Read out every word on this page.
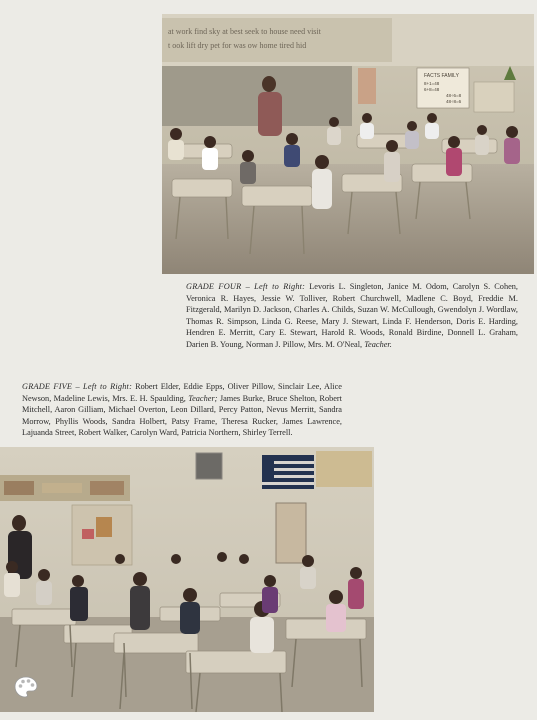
at work find sky at best seek to house need visit
t ook lift dry pet for was ow home tired hid
FACTS FAMILY
8+1=48
6+8=48
48÷6=8
48÷8=6
GRADE FOUR – Left to Right: Levoris L. Singleton, Janice M. Odom, Carolyn S. Cohen, Veronica R. Hayes, Jessie W. Tolliver, Robert Churchwell, Madlene C. Boyd, Freddie M. Fitzgerald, Marilyn D. Jackson, Charles A. Childs, Suzan W. McCullough, Gwendolyn J. Wordlaw, Thomas R. Simpson, Linda G. Reese, Mary J. Stewart, Linda F. Henderson, Doris E. Harding, Hendren E. Merritt, Cary E. Stewart, Harold R. Woods, Ronald Birdine, Donnell L. Graham, Darien B. Young, Norman J. Pillow, Mrs. M. O'Neal, Teacher.
GRADE FIVE – Left to Right: Robert Elder, Eddie Epps, Oliver Pillow, Sinclair Lee, Alice Newson, Madeline Lewis, Mrs. E. H. Spaulding, Teacher; James Burke, Bruce Shelton, Robert Mitchell, Aaron Gilliam, Michael Overton, Leon Dillard, Percy Patton, Nevus Merritt, Sandra Morrow, Phyllis Woods, Sandra Holbert, Patsy Frame, Theresa Rucker, James Lawrence, Lajuanda Street, Robert Walker, Carolyn Ward, Patricia Northern, Shirley Terrell.
